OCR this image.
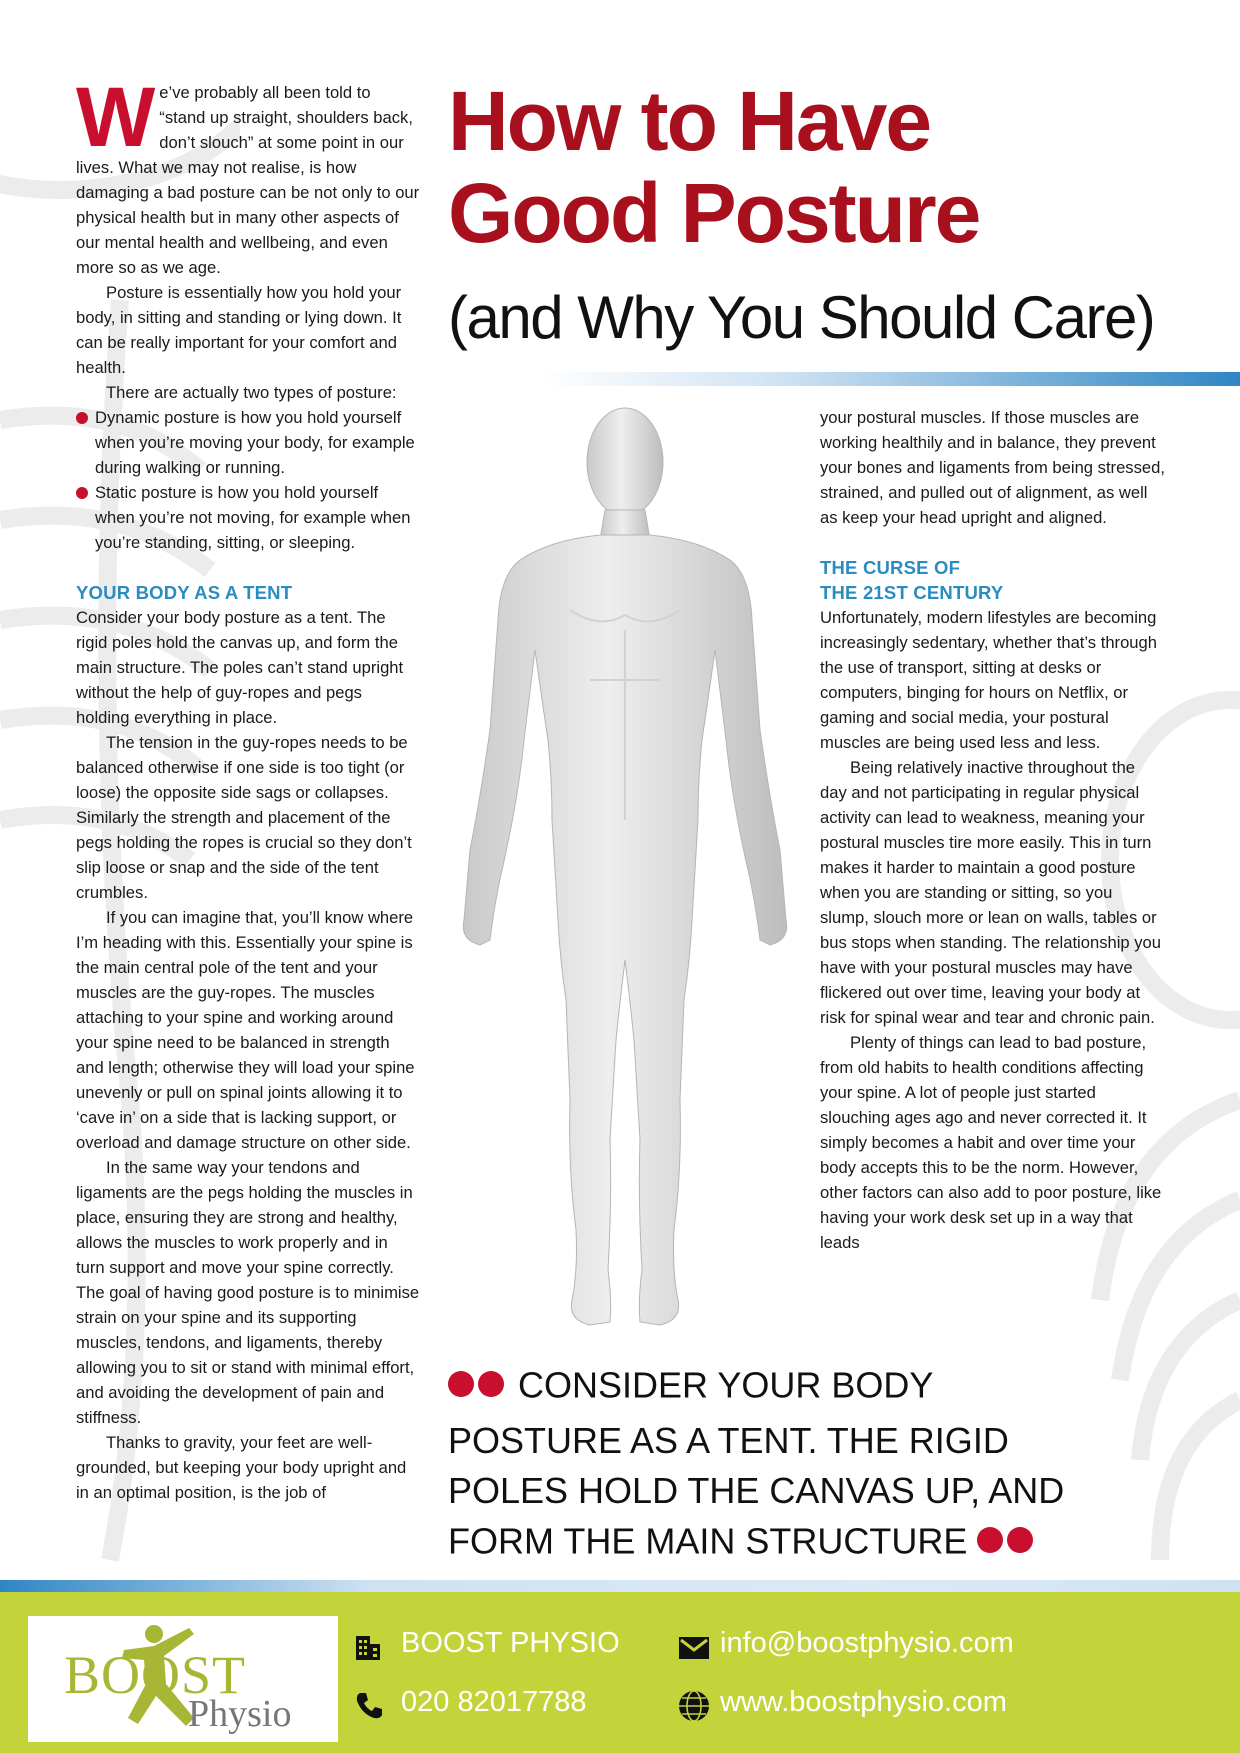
How to Have
Good Posture
(and Why You Should Care)
W e’ve probably all been told to “stand up straight, shoulders back, don’t slouch” at some point in our lives. What we may not realise, is how damaging a bad posture can be not only to our physical health but in many other aspects of our mental health and wellbeing, and even more so as we age.

Posture is essentially how you hold your body, in sitting and standing or lying down. It can be really important for your comfort and health.

There are actually two types of posture:

Dynamic posture is how you hold yourself when you’re moving your body, for example during walking or running.
Static posture is how you hold yourself when you’re not moving, for example when you’re standing, sitting, or sleeping.
YOUR BODY AS A TENT

Consider your body posture as a tent. The rigid poles hold the canvas up, and form the main structure. The poles can’t stand upright without the help of guy-ropes and pegs holding everything in place.

The tension in the guy-ropes needs to be balanced otherwise if one side is too tight (or loose) the opposite side sags or collapses. Similarly the strength and placement of the pegs holding the ropes is crucial so they don’t slip loose or snap and the side of the tent crumbles.

If you can imagine that, you’ll know where I’m heading with this. Essentially your spine is the main central pole of the tent and your muscles are the guy-ropes. The muscles attaching to your spine and working around your spine need to be balanced in strength and length; otherwise they will load your spine unevenly or pull on spinal joints allowing it to ‘cave in’ on a side that is lacking support, or overload and damage structure on other side.

In the same way your tendons and ligaments are the pegs holding the muscles in place, ensuring they are strong and healthy, allows the muscles to work properly and in turn support and move your spine correctly. The goal of having good posture is to minimise strain on your spine and its supporting muscles, tendons, and ligaments, thereby allowing you to sit or stand with minimal effort, and avoiding the development of pain and stiffness.

Thanks to gravity, your feet are well-grounded, but keeping your body upright and in an optimal position, is the job of

your postural muscles. If those muscles are working healthily and in balance, they prevent your bones and ligaments from being stressed, strained, and pulled out of alignment, as well as keep your head upright and aligned.

THE CURSE OF
THE 21ST CENTURY

Unfortunately, modern lifestyles are becoming increasingly sedentary, whether that’s through the use of transport, sitting at desks or computers, binging for hours on Netflix, or gaming and social media, your postural muscles are being used less and less.

Being relatively inactive throughout the day and not participating in regular physical activity can lead to weakness, meaning your postural muscles tire more easily. This in turn makes it harder to maintain a good posture when you are standing or sitting, so you slump, slouch more or lean on walls, tables or bus stops when standing. The relationship you have with your postural muscles may have flickered out over time, leaving your body at risk for spinal wear and tear and chronic pain.

Plenty of things can lead to bad posture, from old habits to health conditions affecting your spine. A lot of people just started slouching ages ago and never corrected it. It simply becomes a habit and over time your body accepts this to be the norm. However, other factors can also add to poor posture, like having your work desk set up in a way that leads

CONSIDER YOUR BODY POSTURE AS A TENT. THE RIGID POLES HOLD THE CANVAS UP, AND FORM THE MAIN STRUCTURE
BOOST
Physio
BOOST PHYSIO
020 82017788
info@boostphysio.com
www.boostphysio.com
